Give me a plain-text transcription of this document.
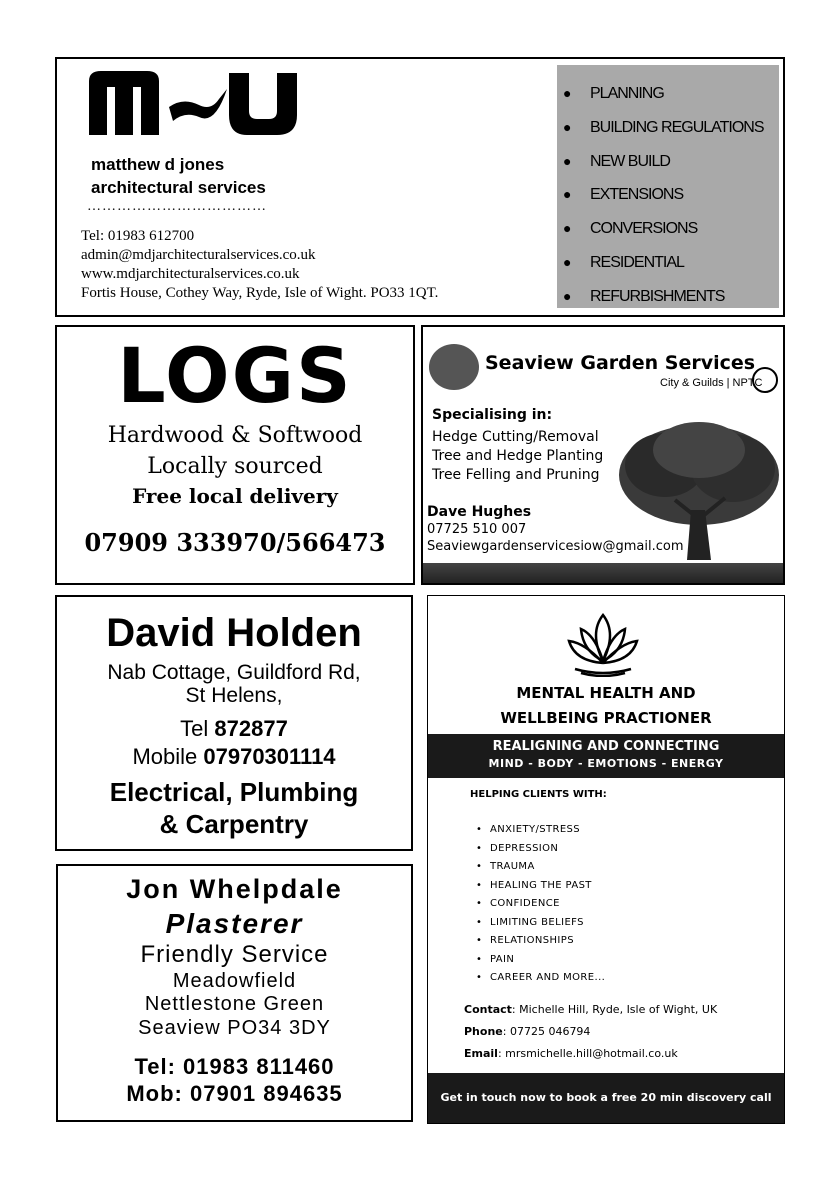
matthew d jones
architectural services
………………………………
Tel: 01983 612700
admin@mdjarchitecturalservices.co.uk
www.mdjarchitecturalservices.co.uk
Fortis House, Cothey Way, Ryde, Isle of Wight. PO33 1QT.
● PLANNING
● BUILDING REGULATIONS
● NEW BUILD
● EXTENSIONS
● CONVERSIONS
● RESIDENTIAL
● REFURBISHMENTS
LOGS
Hardwood & Softwood
Locally sourced
Free local delivery
07909 333970/566473
Seaview Garden Services
City & Guilds | NPTC
Specialising in:
Hedge Cutting/Removal
Tree and Hedge Planting
Tree Felling and Pruning
Dave Hughes
07725 510 007
Seaviewgardenservicesiow@gmail.com
David Holden
Nab Cottage, Guildford Rd,
St Helens,
Tel 872877
Mobile 07970301114
Electrical, Plumbing
& Carpentry
Jon Whelpdale
Plasterer
Friendly Service
Meadowfield
Nettlestone Green
Seaview PO34 3DY
Tel: 01983 811460
Mob: 07901 894635
MENTAL HEALTH AND
WELLBEING PRACTIONER
REALIGNING AND CONNECTING
MIND - BODY - EMOTIONS - ENERGY
HELPING CLIENTS WITH:
• ANXIETY/STRESS
• DEPRESSION
• TRAUMA
• HEALING THE PAST
• CONFIDENCE
• LIMITING BELIEFS
• RELATIONSHIPS
• PAIN
• CAREER AND MORE...
Contact: Michelle Hill, Ryde, Isle of Wight, UK
Phone: 07725 046794
Email: mrsmichelle.hill@hotmail.co.uk
Get in touch now to book a free 20 min discovery call
